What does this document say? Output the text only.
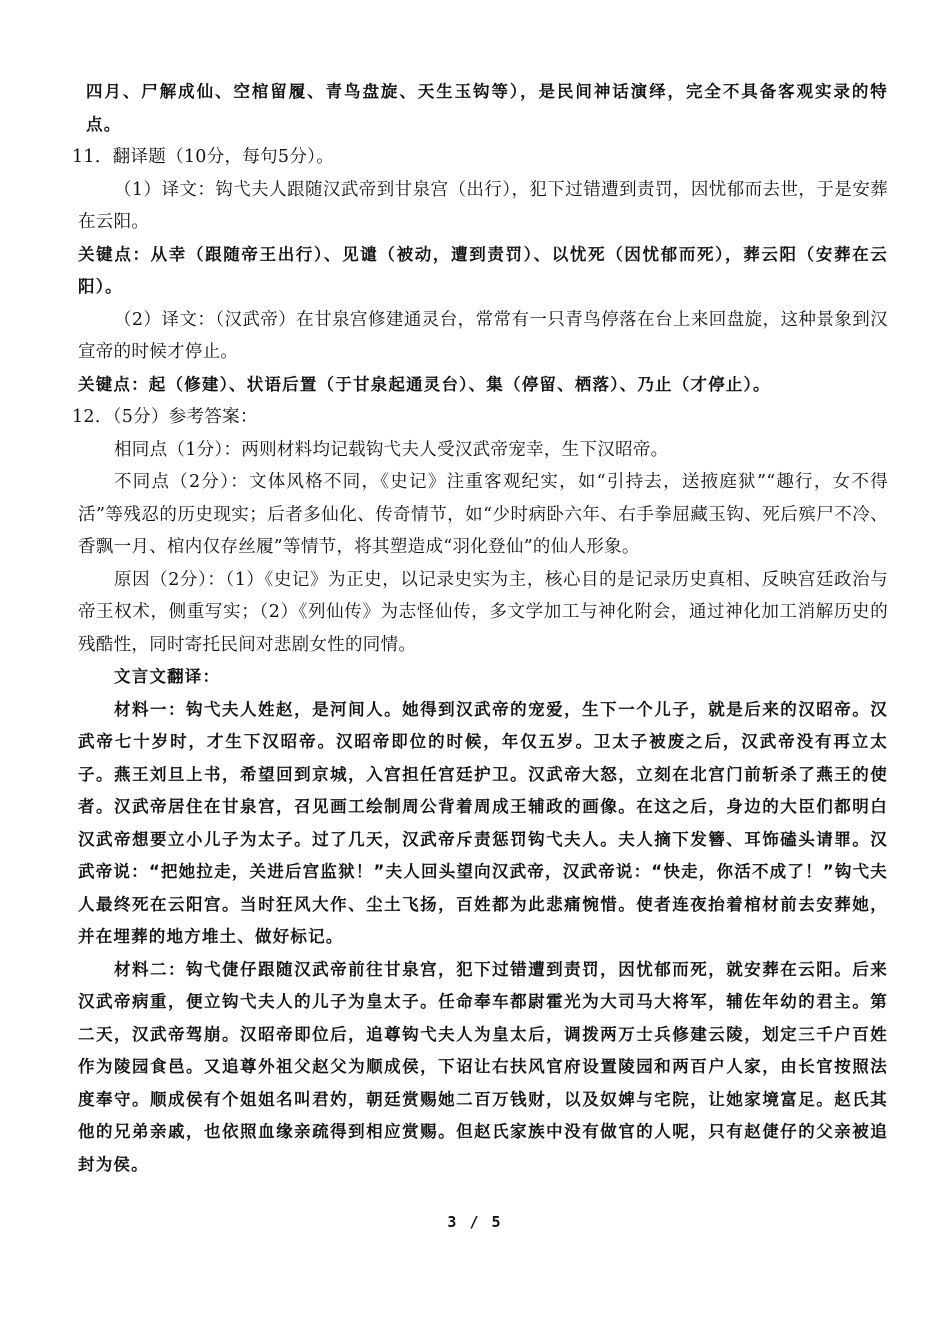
四月、尸解成仙、空棺留履、青鸟盘旋、天生玉钩等），是民间神话演绎，完全不具备客观实录的特点。

11．翻译题（10分，每句5分）。

（1）译文：钩弋夫人跟随汉武帝到甘泉宫（出行），犯下过错遭到责罚，因忧郁而去世，于是安葬在云阳。

关键点：从幸（跟随帝王出行）、见谴（被动，遭到责罚）、以忧死（因忧郁而死），葬云阳（安葬在云阳）。

（2）译文：（汉武帝）在甘泉宫修建通灵台，常常有一只青鸟停落在台上来回盘旋，这种景象到汉宣帝的时候才停止。

关键点：起（修建）、状语后置（于甘泉起通灵台）、集（停留、栖落）、乃止（才停止）。

12．（5分）参考答案：

相同点（1分）：两则材料均记载钩弋夫人受汉武帝宠幸，生下汉昭帝。

不同点（2分）：文体风格不同，《史记》注重客观纪实，如“引持去，送掖庭狱”“趣行，女不得活”等残忍的历史现实；后者多仙化、传奇情节，如“少时病卧六年、右手拳屈藏玉钩、死后殡尸不冷、香飘一月、棺内仅存丝履”等情节，将其塑造成“羽化登仙”的仙人形象。

原因（2分）：（1）《史记》为正史，以记录史实为主，核心目的是记录历史真相、反映宫廷政治与帝王权术，侧重写实；（2）《列仙传》为志怪仙传，多文学加工与神化附会，通过神化加工消解历史的残酷性，同时寄托民间对悲剧女性的同情。

文言文翻译：

材料一：钩弋夫人姓赵，是河间人。她得到汉武帝的宠爱，生下一个儿子，就是后来的汉昭帝。汉武帝七十岁时，才生下汉昭帝。汉昭帝即位的时候，年仅五岁。卫太子被废之后，汉武帝没有再立太子。燕王刘旦上书，希望回到京城，入宫担任宫廷护卫。汉武帝大怒，立刻在北宫门前斩杀了燕王的使者。汉武帝居住在甘泉宫，召见画工绘制周公背着周成王辅政的画像。在这之后，身边的大臣们都明白汉武帝想要立小儿子为太子。过了几天，汉武帝斥责惩罚钩弋夫人。夫人摘下发簪、耳饰磕头请罪。汉武帝说：“把她拉走，关进后宫监狱！”夫人回头望向汉武帝，汉武帝说：“快走，你活不成了！”钩弋夫人最终死在云阳宫。当时狂风大作、尘土飞扬，百姓都为此悲痛惋惜。使者连夜抬着棺材前去安葬她，并在埋葬的地方堆土、做好标记。

材料二：钩弋倢仔跟随汉武帝前往甘泉宫，犯下过错遭到责罚，因忧郁而死，就安葬在云阳。后来汉武帝病重，便立钩弋夫人的儿子为皇太子。任命奉车都尉霍光为大司马大将军，辅佐年幼的君主。第二天，汉武帝驾崩。汉昭帝即位后，追尊钩弋夫人为皇太后，调拨两万士兵修建云陵，划定三千户百姓作为陵园食邑。又追尊外祖父赵父为顺成侯，下诏让右扶风官府设置陵园和两百户人家，由长官按照法度奉守。顺成侯有个姐姐名叫君妁，朝廷赏赐她二百万钱财，以及奴婢与宅院，让她家境富足。赵氏其他的兄弟亲戚，也依照血缘亲疏得到相应赏赐。但赵氏家族中没有做官的人呢，只有赵倢仔的父亲被追封为侯。

3 / 5
